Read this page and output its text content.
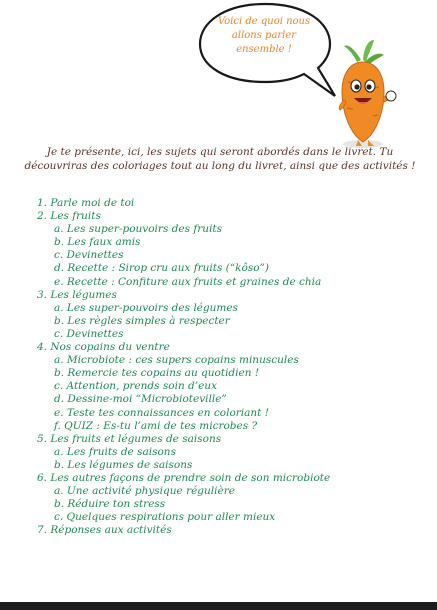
Voici de quoi nous allons parler ensemble !
Je te présente, ici, les sujets qui seront abordés dans le livret. Tu découvriras des coloriages tout au long du livret, ainsi que des activités !
1. Parle moi de toi
2. Les fruits
a. Les super-pouvoirs des fruits
b. Les faux amis
c. Devinettes
d. Recette : Sirop cru aux fruits (“kôso”)
e. Recette : Confiture aux fruits et graines de chia
3. Les légumes
a. Les super-pouvoirs des légumes
b. Les règles simples à respecter
c. Devinettes
4. Nos copains du ventre
a. Microbiote : ces supers copains minuscules
b. Remercie tes copains au quotidien !
c. Attention, prends soin d’eux
d. Dessine-moi “Microbioteville”
e. Teste tes connaissances en coloriant !
f. QUIZ : Es-tu l’ami de tes microbes ?
5. Les fruits et légumes de saisons
a. Les fruits de saisons
b. Les légumes de saisons
6. Les autres façons de prendre soin de son microbiote
a. Une activité physique régulière
b. Réduire ton stress
c. Quelques respirations pour aller mieux
7. Réponses aux activités
